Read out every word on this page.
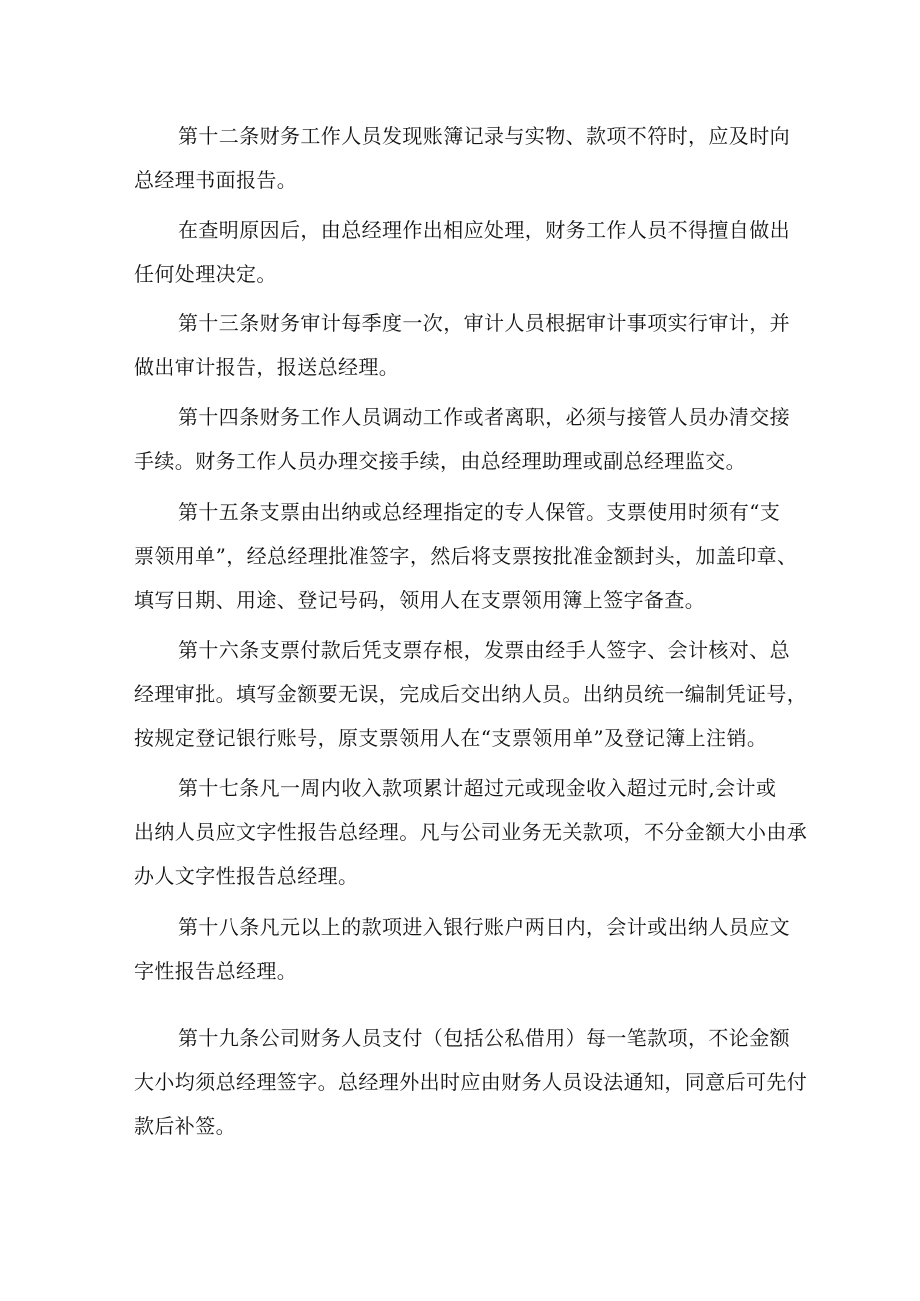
第十二条财务工作人员发现账簿记录与实物、款项不符时，应及时向
总经理书面报告。

在查明原因后，由总经理作出相应处理，财务工作人员不得擅自做出
任何处理决定。

第十三条财务审计每季度一次，审计人员根据审计事项实行审计，并
做出审计报告，报送总经理。

第十四条财务工作人员调动工作或者离职，必须与接管人员办清交接
手续。财务工作人员办理交接手续，由总经理助理或副总经理监交。

第十五条支票由出纳或总经理指定的专人保管。支票使用时须有“支
票领用单”，经总经理批准签字，然后将支票按批准金额封头，加盖印章、
填写日期、用途、登记号码，领用人在支票领用簿上签字备查。

第十六条支票付款后凭支票存根，发票由经手人签字、会计核对、总
经理审批。填写金额要无误，完成后交出纳人员。出纳员统一编制凭证号，
按规定登记银行账号，原支票领用人在“支票领用单”及登记簿上注销。

第十七条凡一周内收入款项累计超过元或现金收入超过元时,会计或
出纳人员应文字性报告总经理。凡与公司业务无关款项，不分金额大小由承
办人文字性报告总经理。

第十八条凡元以上的款项进入银行账户两日内，会计或出纳人员应文
字性报告总经理。

第十九条公司财务人员支付（包括公私借用）每一笔款项，不论金额
大小均须总经理签字。总经理外出时应由财务人员设法通知，同意后可先付
款后补签。
